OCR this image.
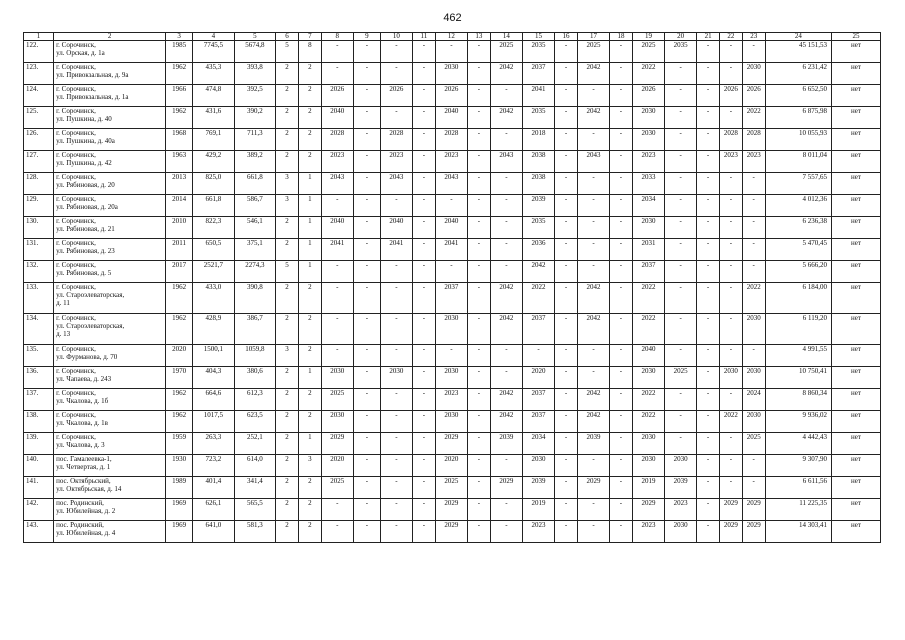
462
1	2	3	4	5	6	7	8	9	10	11	12	13	14	15	16	17	18	19	20	21	22	23	24	25
122.	г. Сорочинск,
ул. Орская, д. 1а	1985	7745,5	5674,8	5	8	-	-	-	-	-	-	2025	2035	-	2025	-	2025	2035	-	-	-	45 151,53	нет
123.	г. Сорочинск,
ул. Привокзальная, д. 9а	1962	435,3	393,8	2	2	-	-	-	-	2030	-	2042	2037	-	2042	-	2022	-	-	-	2030	6 231,42	нет
124.	г. Сорочинск,
ул. Привокзальная, д. 1а	1966	474,8	392,5	2	2	2026	-	2026	-	2026	-	-	2041	-	-	-	2026	-	-	2026	2026	6 652,50	нет
125.	г. Сорочинск,
ул. Пушкина, д. 40	1962	431,6	390,2	2	2	2040	-	-	-	2040	-	2042	2035	-	2042	-	2030	-	-	-	2022	6 875,98	нет
126.	г. Сорочинск,
ул. Пушкина, д. 40а	1968	769,1	711,3	2	2	2028	-	2028	-	2028	-	-	2018	-	-	-	2030	-	-	2028	2028	10 055,93	нет
127.	г. Сорочинск,
ул. Пушкина, д. 42	1963	429,2	389,2	2	2	2023	-	2023	-	2023	-	2043	2038	-	2043	-	2023	-	-	2023	2023	8 011,04	нет
128.	г. Сорочинск,
ул. Рябиновая, д. 20	2013	825,0	661,8	3	1	2043	-	2043	-	2043	-	-	2038	-	-	-	2033	-	-	-	-	7 557,65	нет
129.	г. Сорочинск,
ул. Рябиновая, д. 20а	2014	661,8	586,7	3	1	-	-	-	-	-	-	-	2039	-	-	-	2034	-	-	-	-	4 012,36	нет
130.	г. Сорочинск,
ул. Рябиновая, д. 21	2010	822,3	546,1	2	1	2040	-	2040	-	2040	-	-	2035	-	-	-	2030	-	-	-	-	6 236,38	нет
131.	г. Сорочинск,
ул. Рябиновая, д. 23	2011	650,5	375,1	2	1	2041	-	2041	-	2041	-	-	2036	-	-	-	2031	-	-	-	-	5 470,45	нет
132.	г. Сорочинск,
ул. Рябиновая, д. 5	2017	2521,7	2274,3	5	1	-	-	-	-	-	-	-	2042	-	-	-	2037	-	-	-	-	5 666,20	нет
133.	г. Сорочинск,
ул. Староэлеваторская,
д. 11	1962	433,0	390,8	2	2	-	-	-	-	2037	-	2042	2022	-	2042	-	2022	-	-	-	2022	6 184,00	нет
134.	г. Сорочинск,
ул. Староэлеваторская,
д. 13	1962	428,9	386,7	2	2	-	-	-	-	2030	-	2042	2037	-	2042	-	2022	-	-	-	2030	6 119,20	нет
135.	г. Сорочинск,
ул. Фурманова, д. 70	2020	1500,1	1059,8	3	2	-	-	-	-	-	-	-	-	-	-	-	2040	-	-	-	-	4 991,55	нет
136.	г. Сорочинск,
ул. Чапаева, д. 243	1970	404,3	380,6	2	1	2030	-	2030	-	2030	-	-	2020	-	-	-	2030	2025	-	2030	2030	10 750,41	нет
137.	г. Сорочинск,
ул. Чкалова, д. 1б	1962	664,6	612,3	2	2	2025	-	-	-	2023	-	2042	2037	-	2042	-	2022	-	-	-	2024	8 860,34	нет
138.	г. Сорочинск,
ул. Чкалова, д. 1в	1962	1017,5	623,5	2	2	2030	-	-	-	2030	-	2042	2037	-	2042	-	2022	-	-	2022	2030	9 936,02	нет
139.	г. Сорочинск,
ул. Чкалова, д. 3	1959	263,3	252,1	2	1	2029	-	-	-	2029	-	2039	2034	-	2039	-	2030	-	-	-	2025	4 442,43	нет
140.	пос. Гамалеевка-1,
ул. Четвертая, д. 1	1930	723,2	614,0	2	3	2020	-	-	-	2020	-	-	2030	-	-	-	2030	2030	-	-	-	9 307,90	нет
141.	пос. Октябрьский,
ул. Октябрьская, д. 14	1989	401,4	341,4	2	2	2025	-	-	-	2025	-	2029	2039	-	2029	-	2019	2039	-	-	-	6 611,56	нет
142.	пос. Родинский,
ул. Юбилейная, д. 2	1969	626,1	565,5	2	2	-	-	-	-	2029	-	-	2019	-	-	-	2029	2023	-	2029	2029	11 225,35	нет
143.	пос. Родинский,
ул. Юбилейная, д. 4	1969	641,0	581,3	2	2	-	-	-	-	2029	-	-	2023	-	-	-	2023	2030	-	2029	2029	14 303,41	нет
